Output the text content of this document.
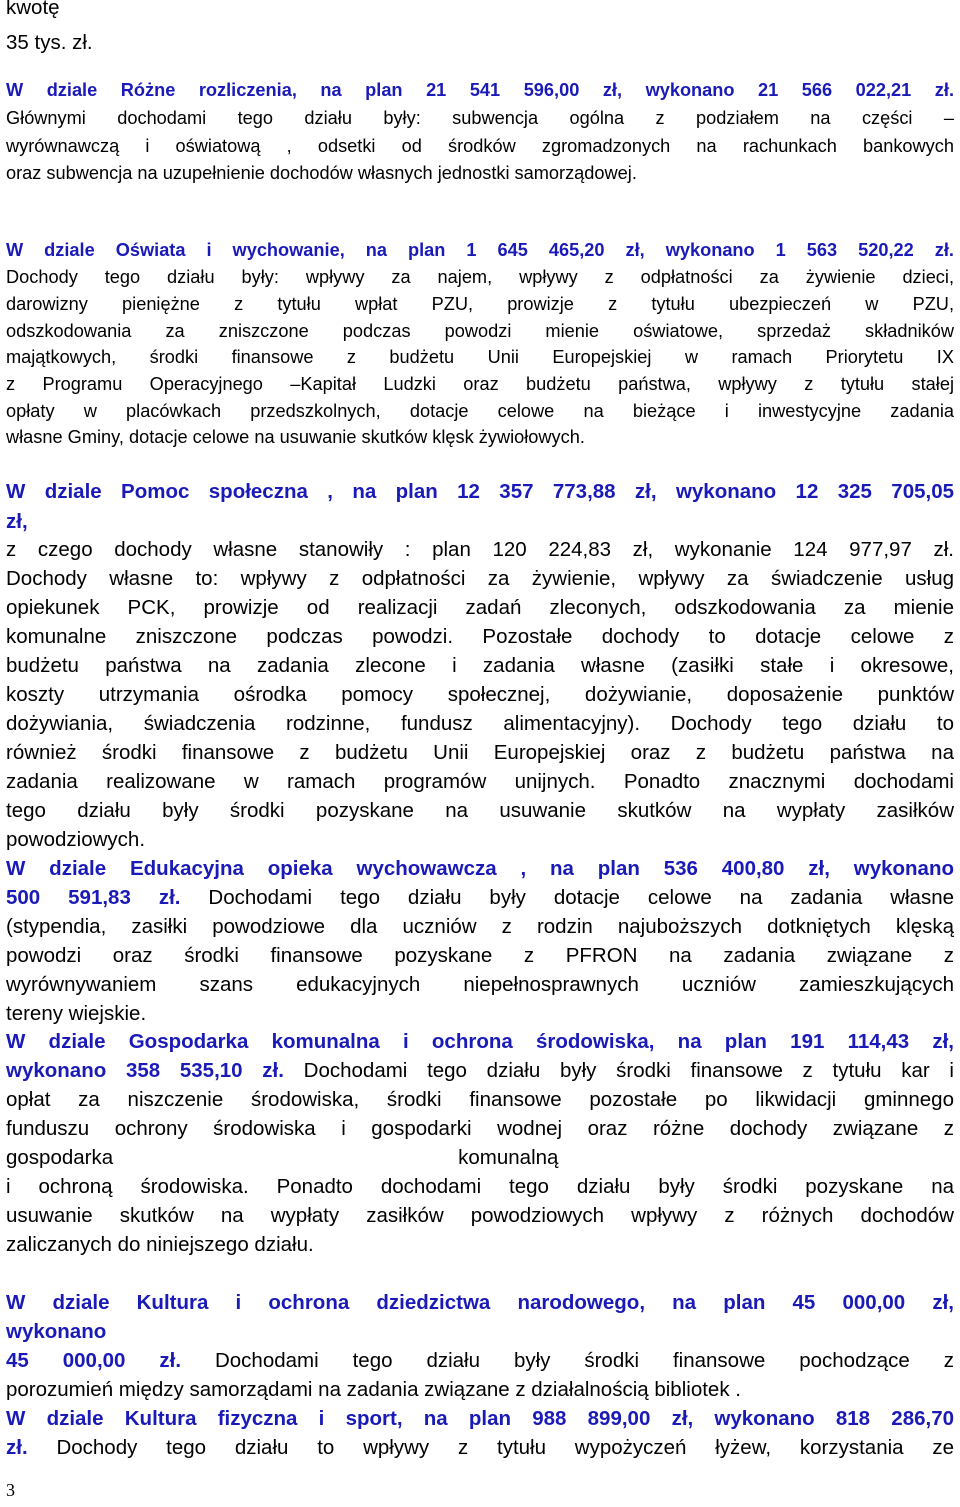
kwotę
35 tys. zł.
W dziale Różne rozliczenia, na plan 21 541 596,00 zł, wykonano 21 566 022,21 zł.
Głównymi dochodami tego działu były: subwencja ogólna z podziałem na części –
wyrównawczą i oświatową , odsetki od środków zgromadzonych na rachunkach bankowych
oraz subwencja na uzupełnienie dochodów własnych jednostki samorządowej.
W dziale Oświata i wychowanie, na plan 1 645 465,20 zł, wykonano 1 563 520,22 zł.
Dochody tego działu były: wpływy za najem, wpływy z odpłatności za żywienie dzieci,
darowizny pieniężne z tytułu wpłat PZU, prowizje z tytułu ubezpieczeń w PZU,
odszkodowania za zniszczone podczas powodzi mienie oświatowe, sprzedaż składników
majątkowych, środki finansowe z budżetu Unii Europejskiej w ramach Priorytetu IX
z Programu Operacyjnego –Kapitał Ludzki oraz budżetu państwa, wpływy z tytułu stałej
opłaty w placówkach przedszkolnych, dotacje celowe na bieżące i inwestycyjne zadania
własne Gminy, dotacje celowe na usuwanie skutków klęsk żywiołowych.
W dziale Pomoc społeczna , na plan 12 357 773,88 zł, wykonano 12 325 705,05
zł,
z czego dochody własne stanowiły : plan 120 224,83 zł, wykonanie 124 977,97 zł.
Dochody własne to: wpływy z odpłatności za żywienie, wpływy za świadczenie usług
opiekunek PCK, prowizje od realizacji zadań zleconych, odszkodowania za mienie
komunalne zniszczone podczas powodzi. Pozostałe dochody to dotacje celowe z
budżetu państwa na zadania zlecone i zadania własne (zasiłki stałe i okresowe,
koszty utrzymania ośrodka pomocy społecznej, dożywianie, doposażenie punktów
dożywiania, świadczenia rodzinne, fundusz alimentacyjny). Dochody tego działu to
również środki finansowe z budżetu Unii Europejskiej oraz z budżetu państwa na
zadania realizowane w ramach programów unijnych. Ponadto znacznymi dochodami
tego działu były środki pozyskane na usuwanie skutków na wypłaty zasiłków
powodziowych.
W dziale Edukacyjna opieka wychowawcza , na plan 536 400,80 zł, wykonano
500 591,83 zł. Dochodami tego działu były dotacje celowe na zadania własne
(stypendia, zasiłki powodziowe dla uczniów z rodzin najuboższych dotkniętych klęską
powodzi oraz środki finansowe pozyskane z PFRON na zadania związane z
wyrównywaniem szans edukacyjnych niepełnosprawnych uczniów zamieszkujących
tereny wiejskie.
W dziale Gospodarka komunalna i ochrona środowiska, na plan 191 114,43 zł,
wykonano 358 535,10 zł. Dochodami tego działu były środki finansowe z tytułu kar i
opłat za niszczenie środowiska, środki finansowe pozostałe po likwidacji gminnego
funduszu ochrony środowiska i gospodarki wodnej oraz różne dochody związane z
gospodarka	komunalną
i ochroną środowiska. Ponadto dochodami tego działu były środki pozyskane na
usuwanie skutków na wypłaty zasiłków powodziowych wpływy z różnych dochodów
zaliczanych do niniejszego działu.
W dziale Kultura i ochrona dziedzictwa narodowego, na plan 45 000,00 zł,
wykonano
45 000,00 zł. Dochodami tego działu były środki finansowe pochodzące z
porozumień między samorządami na zadania związane z działalnością bibliotek .
W dziale Kultura fizyczna i sport, na plan 988 899,00 zł, wykonano 818 286,70
zł. Dochody tego działu to wpływy z tytułu wypożyczeń łyżew, korzystania ze
3
